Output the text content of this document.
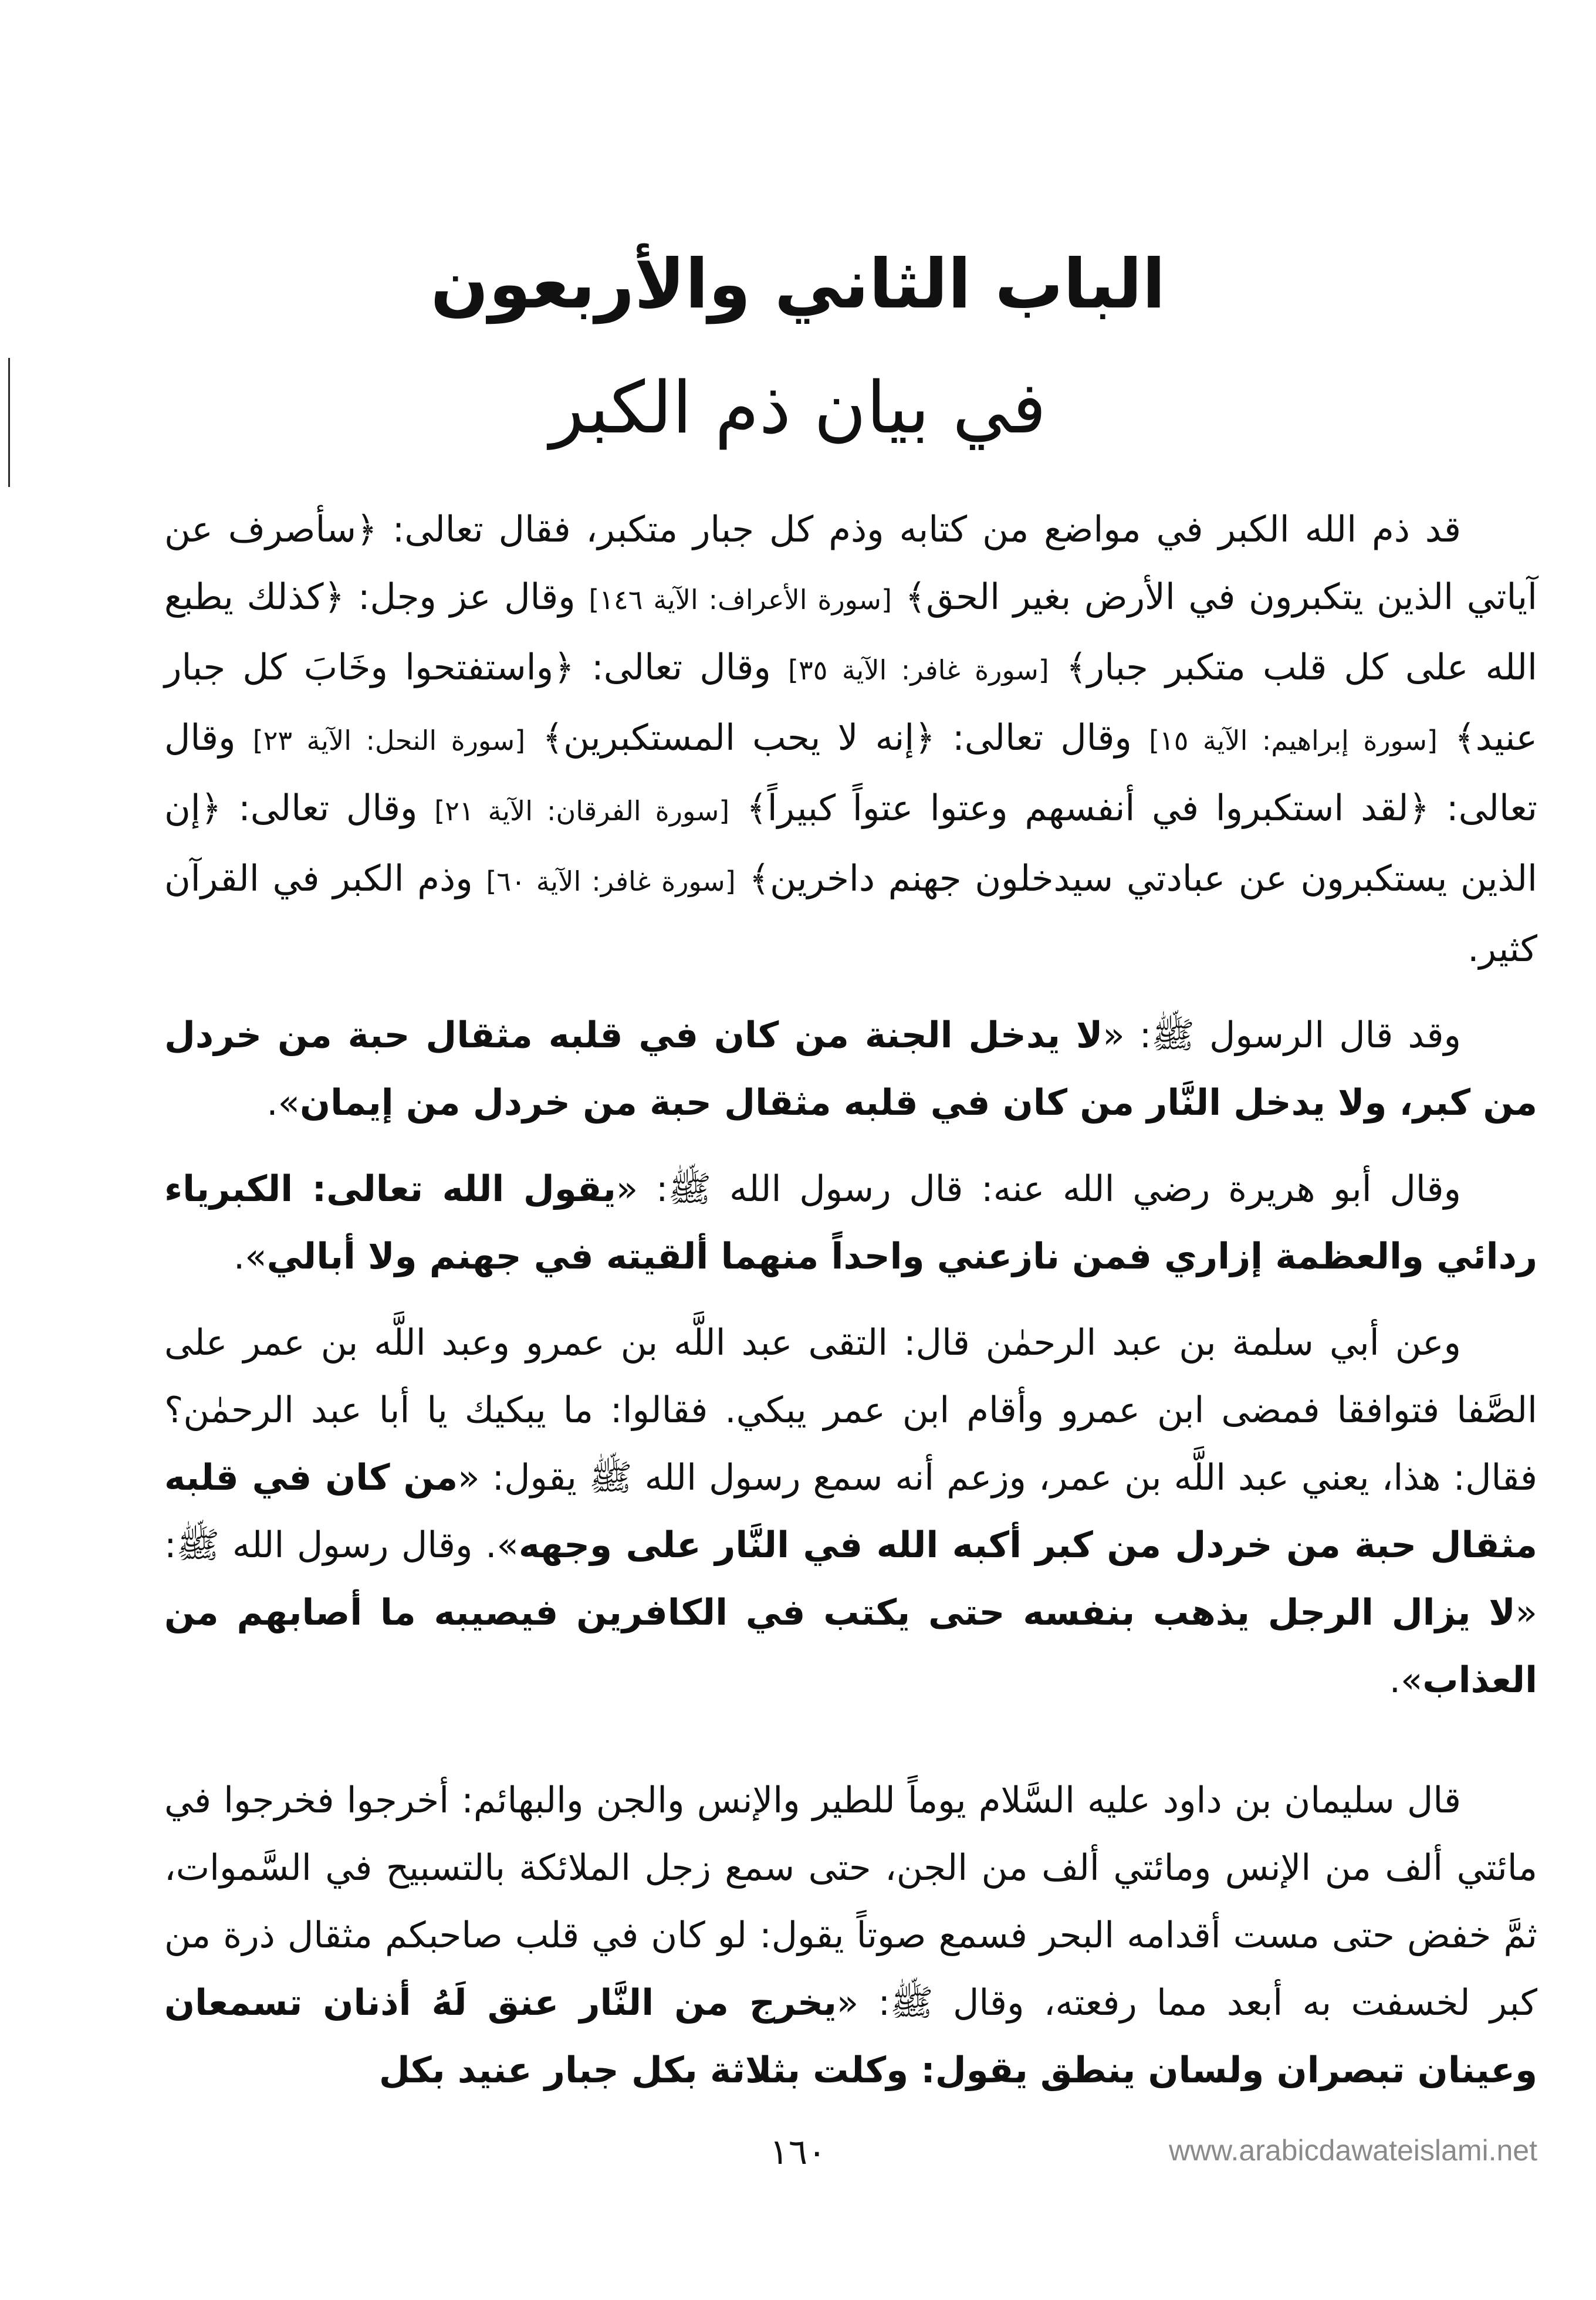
الباب الثاني والأربعون
في بيان ذم الكبر

قد ذم الله الكبر في مواضع من كتابه وذم كل جبار متكبر، فقال تعالى: ﴿سأصرف عن آياتي الذين يتكبرون في الأرض بغير الحق﴾ [سورة الأعراف: الآية ١٤٦] وقال عز وجل: ﴿كذلك يطبع الله على كل قلب متكبر جبار﴾ [سورة غافر: الآية ٣٥] وقال تعالى: ﴿واستفتحوا وخَابَ كل جبار عنيد﴾ [سورة إبراهيم: الآية ١٥] وقال تعالى: ﴿إنه لا يحب المستكبرين﴾ [سورة النحل: الآية ٢٣] وقال تعالى: ﴿لقد استكبروا في أنفسهم وعتوا عتواً كبيراً﴾ [سورة الفرقان: الآية ٢١] وقال تعالى: ﴿إن الذين يستكبرون عن عبادتي سيدخلون جهنم داخرين﴾ [سورة غافر: الآية ٦٠] وذم الكبر في القرآن كثير.

وقد قال الرسول ﷺ: «لا يدخل الجنة من كان في قلبه مثقال حبة من خردل من كبر، ولا يدخل النَّار من كان في قلبه مثقال حبة من خردل من إيمان».

وقال أبو هريرة رضي الله عنه: قال رسول الله ﷺ: «يقول الله تعالى: الكبرياء ردائي والعظمة إزاري فمن نازعني واحداً منهما ألقيته في جهنم ولا أبالي».

وعن أبي سلمة بن عبد الرحمٰن قال: التقى عبد اللَّه بن عمرو وعبد اللَّه بن عمر على الصَّفا فتوافقا فمضى ابن عمرو وأقام ابن عمر يبكي. فقالوا: ما يبكيك يا أبا عبد الرحمٰن؟ فقال: هذا، يعني عبد اللَّه بن عمر، وزعم أنه سمع رسول الله ﷺ يقول: «من كان في قلبه مثقال حبة من خردل من كبر أكبه الله في النَّار على وجهه». وقال رسول الله ﷺ: «لا يزال الرجل يذهب بنفسه حتى يكتب في الكافرين فيصيبه ما أصابهم من العذاب».

قال سليمان بن داود عليه السَّلام يوماً للطير والإنس والجن والبهائم: أخرجوا فخرجوا في مائتي ألف من الإنس ومائتي ألف من الجن، حتى سمع زجل الملائكة بالتسبيح في السَّموات، ثمَّ خفض حتى مست أقدامه البحر فسمع صوتاً يقول: لو كان في قلب صاحبكم مثقال ذرة من كبر لخسفت به أبعد مما رفعته، وقال ﷺ: «يخرج من النَّار عنق لَهُ أذنان تسمعان وعينان تبصران ولسان ينطق يقول: وكلت بثلاثة بكل جبار عنيد بكل

١٦٠	www.arabicdawateislami.net
